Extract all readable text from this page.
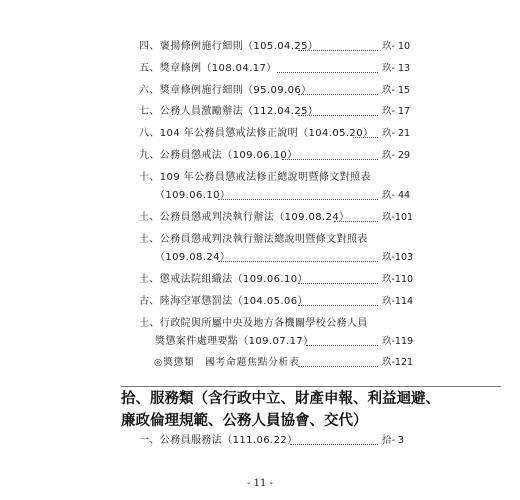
四、褒揚條例施行細則（105.04.25）	玖- 10
五、獎章條例（108.04.17）	玖- 13
六、獎章條例施行細則（95.09.06）	玖- 15
七、公務人員激勵辦法（112.04.25）	玖- 17
八、104 年公務員懲戒法修正說明（104.05.20） 玖- 21
九、公務員懲戒法（109.06.10）	玖- 29
十、109 年公務員懲戒法修正總說明暨條文對照表
（109.06.10）	玖- 44
土、公務員懲戒判決執行辦法（109.08.24）	玖-101
土、公務員懲戒判決執行辦法總說明暨條文對照表
（109.08.24）	玖-103
土、懲戒法院組織法（109.06.10）	玖-110
古、陸海空軍懲罰法（104.05.06）	玖-114
土、行政院與所屬中央及地方各機關學校公務人員
獎懲案件處理要點（109.07.17）	玖-119
◎獎懲類　國考命題焦點分析表	玖-121
拾、服務類（含行政中立、財產申報、利益迴避、
廉政倫理規範、公務人員協會、交代）
一、公務員服務法（111.06.22）	拾- 3
- 11 -
